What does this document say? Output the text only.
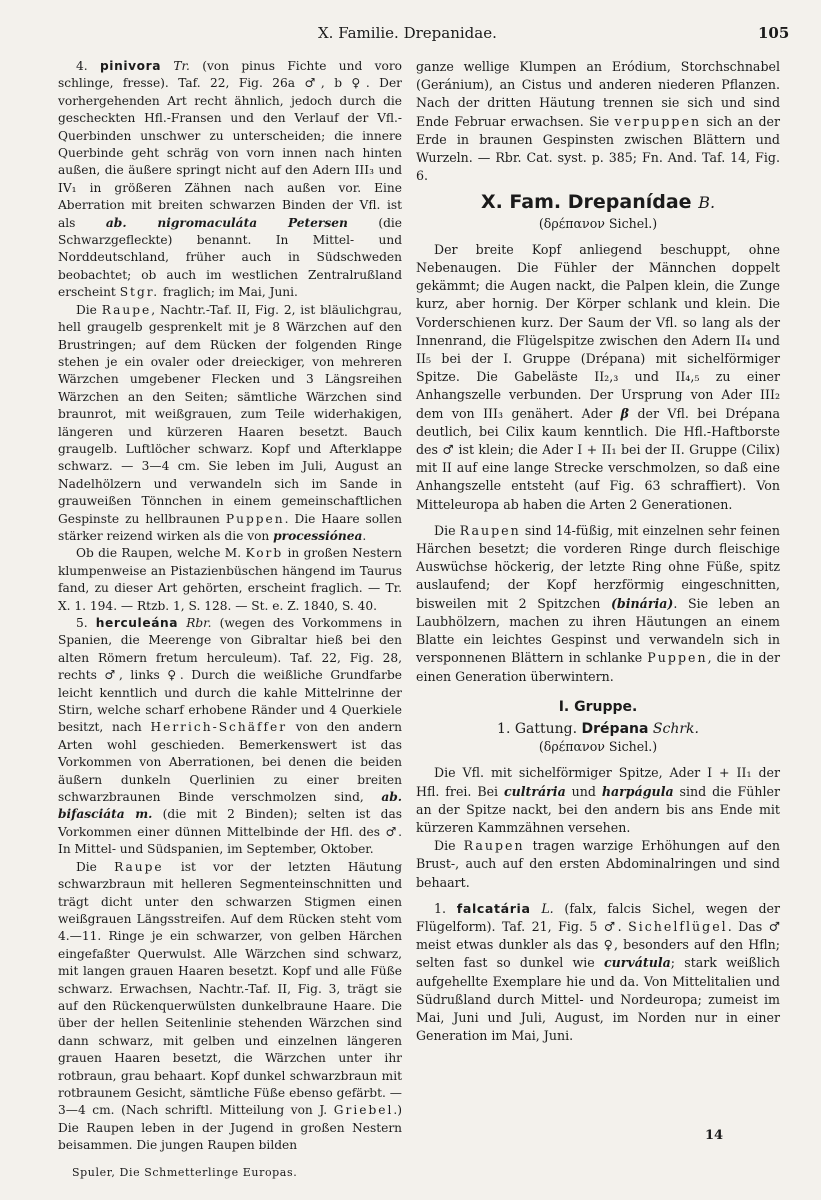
X. Familie. Drepanidae.	105

4. pinivora Tr. (von pinus Fichte und voro schlinge, fresse). Taf. 22, Fig. 26a ♂, b ♀. Der vorhergehenden Art recht ähnlich, jedoch durch die gescheckten Hfl.-Fransen und den Verlauf der Vfl.-Querbinden unschwer zu unterscheiden; die innere Querbinde geht schräg von vorn innen nach hinten außen, die äußere springt nicht auf den Adern III₃ und IV₁ in größeren Zähnen nach außen vor. Eine Aberration mit breiten schwarzen Binden der Vfl. ist als ab. nigromaculáta Petersen (die Schwarzgefleckte) benannt. In Mittel- und Norddeutschland, früher auch in Südschweden beobachtet; ob auch im westlichen Zentralrußland erscheint Stgr. fraglich; im Mai, Juni.

Die Raupe, Nachtr.-Taf. II, Fig. 2, ist bläulichgrau, hell graugelb gesprenkelt mit je 8 Wärzchen auf den Brustringen; auf dem Rücken der folgenden Ringe stehen je ein ovaler oder dreieckiger, von mehreren Wärzchen umgebener Flecken und 3 Längsreihen Wärzchen an den Seiten; sämtliche Wärzchen sind braunrot, mit weißgrauen, zum Teile widerhakigen, längeren und kürzeren Haaren besetzt. Bauch graugelb. Luftlöcher schwarz. Kopf und Afterklappe schwarz. — 3—4 cm. Sie leben im Juli, August an Nadelhölzern und verwandeln sich im Sande in grauweißen Tönnchen in einem gemeinschaftlichen Gespinste zu hellbraunen Puppen. Die Haare sollen stärker reizend wirken als die von processiónea.

Ob die Raupen, welche M. Korb in großen Nestern klumpenweise an Pistazienbüschen hängend im Taurus fand, zu dieser Art gehörten, erscheint fraglich. — Tr. X. 1. 194. — Rtzb. 1, S. 128. — St. e. Z. 1840, S. 40.

5. herculeána Rbr. (wegen des Vorkommens in Spanien, die Meerenge von Gibraltar hieß bei den alten Römern fretum herculeum). Taf. 22, Fig. 28, rechts ♂, links ♀. Durch die weißliche Grundfarbe leicht kenntlich und durch die kahle Mittelrinne der Stirn, welche scharf erhobene Ränder und 4 Querkiele besitzt, nach Herrich-Schäffer von den andern Arten wohl geschieden. Bemerkenswert ist das Vorkommen von Aberrationen, bei denen die beiden äußern dunkeln Querlinien zu einer breiten schwarzbraunen Binde verschmolzen sind, ab. bifasciáta m. (die mit 2 Binden); selten ist das Vorkommen einer dünnen Mittelbinde der Hfl. des ♂. In Mittel- und Südspanien, im September, Oktober.

Die Raupe ist vor der letzten Häutung schwarzbraun mit helleren Segmenteinschnitten und trägt dicht unter den schwarzen Stigmen einen weißgrauen Längsstreifen. Auf dem Rücken steht vom 4.—11. Ringe je ein schwarzer, von gelben Härchen eingefaßter Querwulst. Alle Wärzchen sind schwarz, mit langen grauen Haaren besetzt. Kopf und alle Füße schwarz. Erwachsen, Nachtr.-Taf. II, Fig. 3, trägt sie auf den Rückenquerwülsten dunkelbraune Haare. Die über der hellen Seitenlinie stehenden Wärzchen sind dann schwarz, mit gelben und einzelnen längeren grauen Haaren besetzt, die Wärzchen unter ihr rotbraun, grau behaart. Kopf dunkel schwarzbraun mit rotbraunem Gesicht, sämtliche Füße ebenso gefärbt. — 3—4 cm. (Nach schriftl. Mitteilung von J. Griebel.) Die Raupen leben in der Jugend in großen Nestern beisammen. Die jungen Raupen bilden

ganze wellige Klumpen an Eródium, Storchschnabel (Geránium), an Cistus und anderen niederen Pflanzen. Nach der dritten Häutung trennen sie sich und sind Ende Februar erwachsen. Sie verpuppen sich an der Erde in braunen Gespinsten zwischen Blättern und Wurzeln. — Rbr. Cat. syst. p. 385; Fn. And. Taf. 14, Fig. 6.

X. Fam. Drepanídae B.
(δρέπανον Sichel.)

Der breite Kopf anliegend beschuppt, ohne Nebenaugen. Die Fühler der Männchen doppelt gekämmt; die Augen nackt, die Palpen klein, die Zunge kurz, aber hornig. Der Körper schlank und klein. Die Vorderschienen kurz. Der Saum der Vfl. so lang als der Innenrand, die Flügelspitze zwischen den Adern II₄ und II₅ bei der I. Gruppe (Drépana) mit sichelförmiger Spitze. Die Gabeläste II₂,₃ und II₄,₅ zu einer Anhangszelle verbunden. Der Ursprung von Ader III₂ dem von III₃ genähert. Ader β der Vfl. bei Drépana deutlich, bei Cilix kaum kenntlich. Die Hfl.-Haftborste des ♂ ist klein; die Ader I + II₁ bei der II. Gruppe (Cilix) mit II auf eine lange Strecke verschmolzen, so daß eine Anhangszelle entsteht (auf Fig. 63 schraffiert). Von Mitteleuropa ab haben die Arten 2 Generationen.

Die Raupen sind 14-füßig, mit einzelnen sehr feinen Härchen besetzt; die vorderen Ringe durch fleischige Auswüchse höckerig, der letzte Ring ohne Füße, spitz auslaufend; der Kopf herzförmig eingeschnitten, bisweilen mit 2 Spitzchen (binária). Sie leben an Laubhölzern, machen zu ihren Häutungen an einem Blatte ein leichtes Gespinst und verwandeln sich in versponnenen Blättern in schlanke Puppen, die in der einen Generation überwintern.

I. Gruppe.
1. Gattung. Drépana Schrk.
(δρέπανον Sichel.)

Die Vfl. mit sichelförmiger Spitze, Ader I + II₁ der Hfl. frei. Bei cultrária und harpágula sind die Fühler an der Spitze nackt, bei den andern bis ans Ende mit kürzeren Kammzähnen versehen.

Die Raupen tragen warzige Erhöhungen auf den Brust-, auch auf den ersten Abdominalringen und sind behaart.

1. falcatária L. (falx, falcis Sichel, wegen der Flügelform). Taf. 21, Fig. 5 ♂. Sichelflügel. Das ♂ meist etwas dunkler als das ♀, besonders auf den Hfln; selten fast so dunkel wie curvátula; stark weißlich aufgehellte Exemplare hie und da. Von Mittelitalien und Südrußland durch Mittel- und Nordeuropa; zumeist im Mai, Juni und Juli, August, im Norden nur in einer Generation im Mai, Juni.

14
Spuler, Die Schmetterlinge Europas.
